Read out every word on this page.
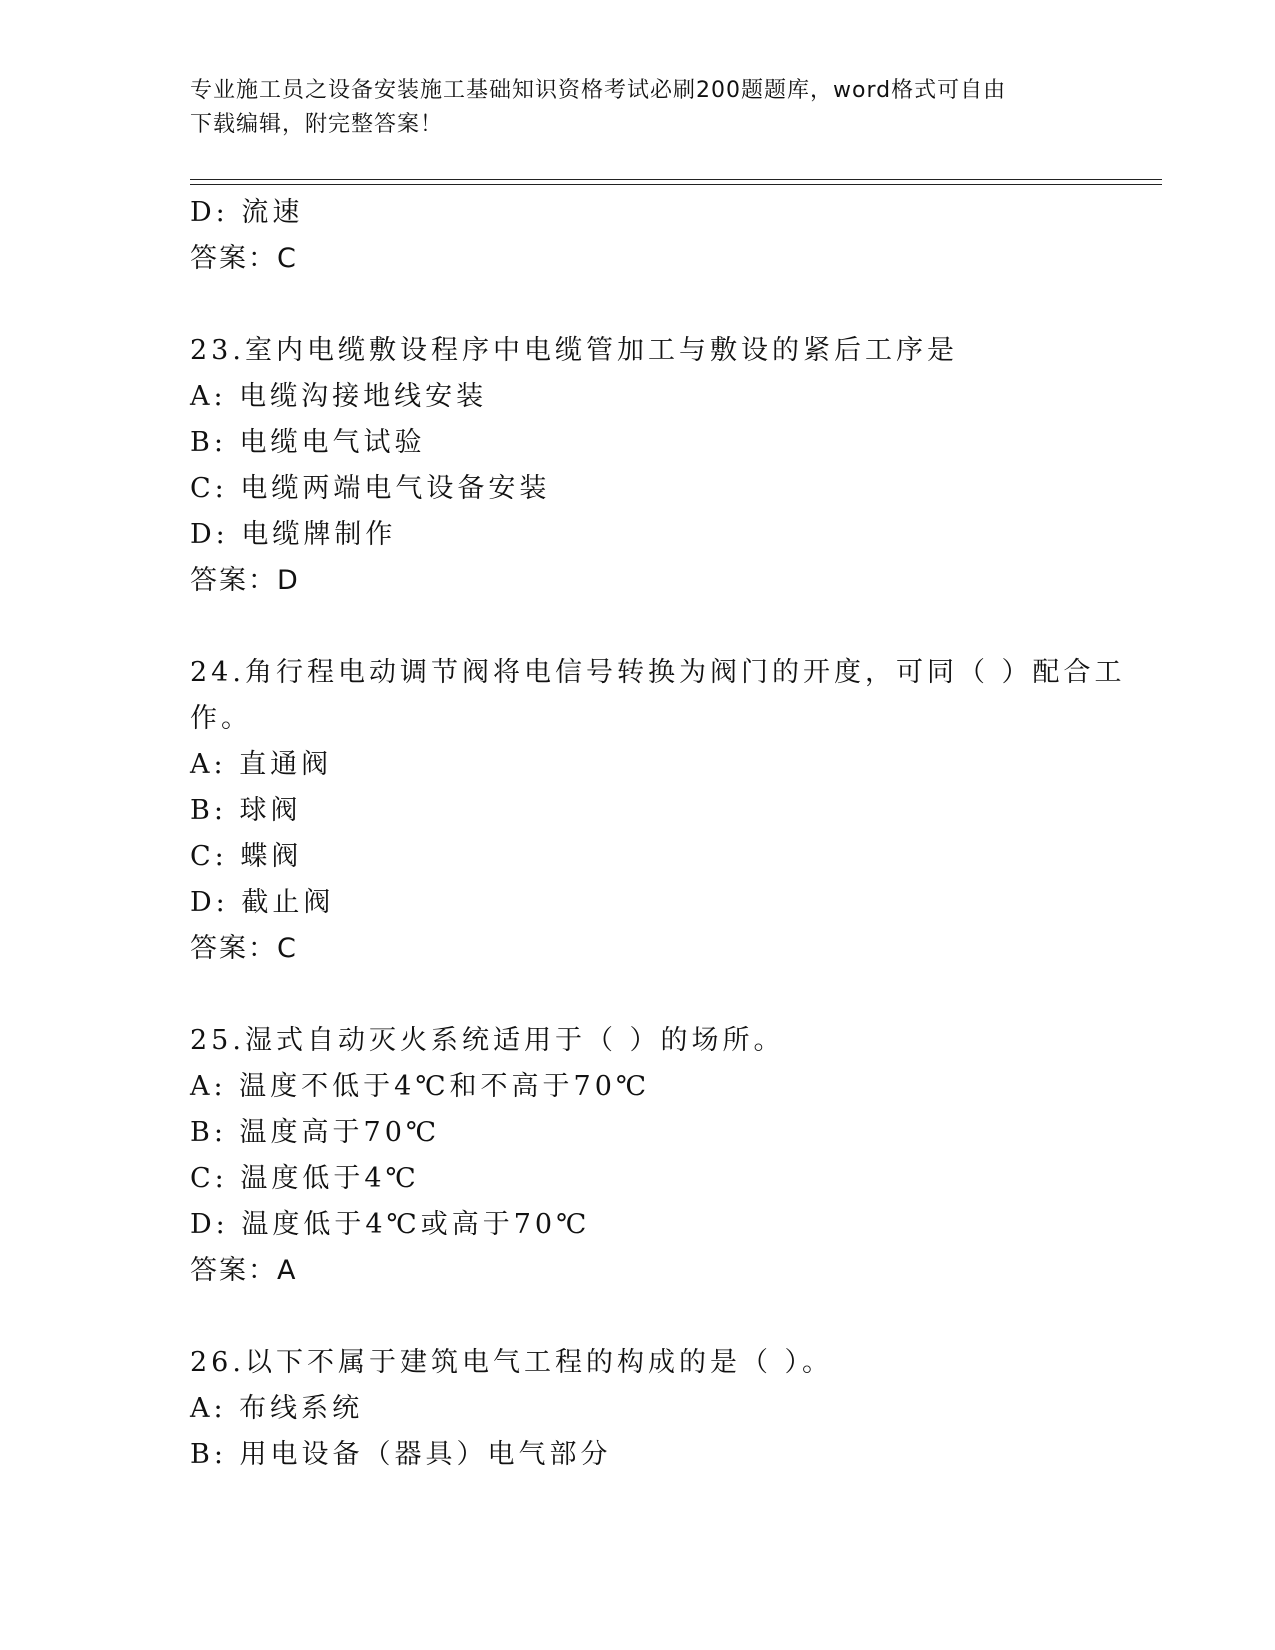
专业施工员之设备安装施工基础知识资格考试必刷200题题库，word格式可自由
下载编辑，附完整答案！
D: 流速
答案：C
23.室内电缆敷设程序中电缆管加工与敷设的紧后工序是
A: 电缆沟接地线安装
B: 电缆电气试验
C: 电缆两端电气设备安装
D: 电缆牌制作
答案：D
24.角行程电动调节阀将电信号转换为阀门的开度，可同（ ）配合工
作。
A: 直通阀
B: 球阀
C: 蝶阀
D: 截止阀
答案：C
25.湿式自动灭火系统适用于（ ）的场所。
A: 温度不低于4℃和不高于70℃
B: 温度高于70℃
C: 温度低于4℃
D: 温度低于4℃或高于70℃
答案：A
26.以下不属于建筑电气工程的构成的是（ ）。
A: 布线系统
B: 用电设备（器具）电气部分
